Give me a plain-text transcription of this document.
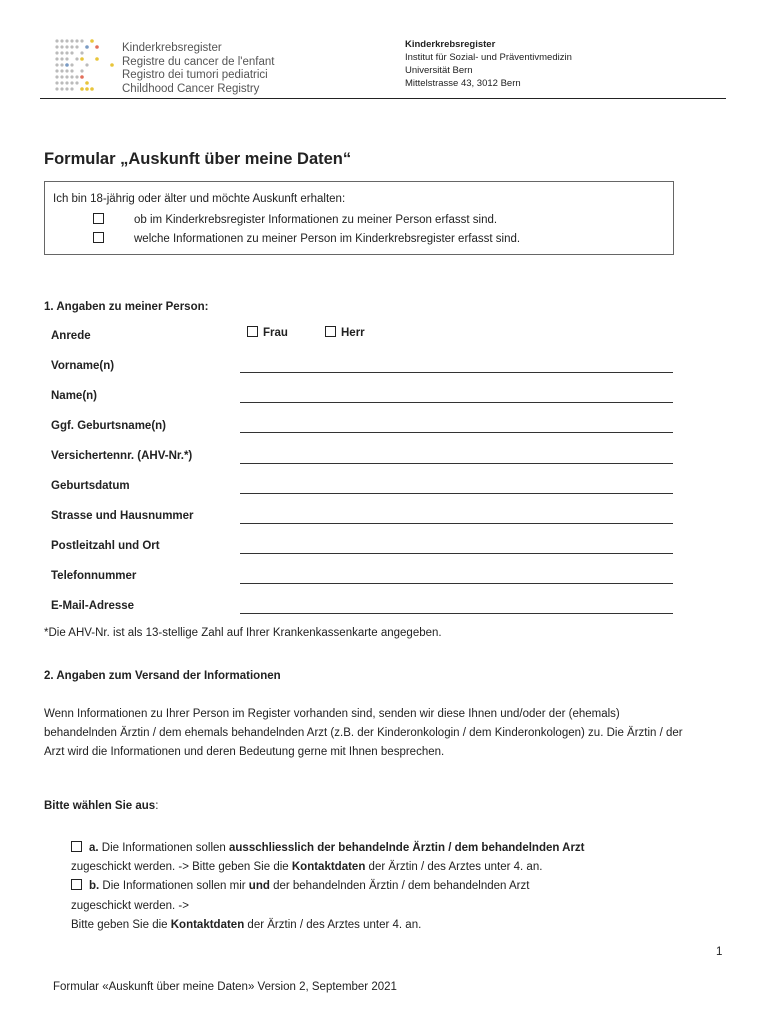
Kinderkrebsregister
Registre du cancer de l'enfant
Registro dei tumori pediatrici
Childhood Cancer Registry
Kinderkrebsregister
Institut für Sozial- und Präventivmedizin
Universität Bern
Mittelstrasse 43, 3012 Bern
Formular „Auskunft über meine Daten“
Ich bin 18-jährig oder älter und möchte Auskunft erhalten:
ob im Kinderkrebsregister Informationen zu meiner Person erfasst sind.
welche Informationen zu meiner Person im Kinderkrebsregister erfasst sind.
1. Angaben zu meiner Person:
Anrede	Frau	Herr
Vorname(n)
Name(n)
Ggf. Geburtsname(n)
Versichertennr. (AHV-Nr.*)
Geburtsdatum
Strasse und Hausnummer
Postleitzahl und Ort
Telefonnummer
E-Mail-Adresse
*Die AHV-Nr. ist als 13-stellige Zahl auf Ihrer Krankenkassenkarte angegeben.
2. Angaben zum Versand der Informationen
Wenn Informationen zu Ihrer Person im Register vorhanden sind, senden wir diese Ihnen und/oder der (ehemals) behandelnden Ärztin / dem ehemals behandelnden Arzt (z.B. der Kinderonkologin / dem Kinderonkologen) zu. Die Ärztin / der Arzt wird die Informationen und deren Bedeutung gerne mit Ihnen besprechen.
Bitte wählen Sie aus:
a. Die Informationen sollen ausschliesslich der behandelnde Ärztin / dem behandelnden Arzt
zugeschickt werden. -> Bitte geben Sie die Kontaktdaten der Ärztin / des Arztes unter 4. an.
b. Die Informationen sollen mir und der behandelnden Ärztin / dem behandelnden Arzt
zugeschickt werden. ->
Bitte geben Sie die Kontaktdaten der Ärztin / des Arztes unter 4. an.
1
Formular «Auskunft über meine Daten» Version 2, September 2021
